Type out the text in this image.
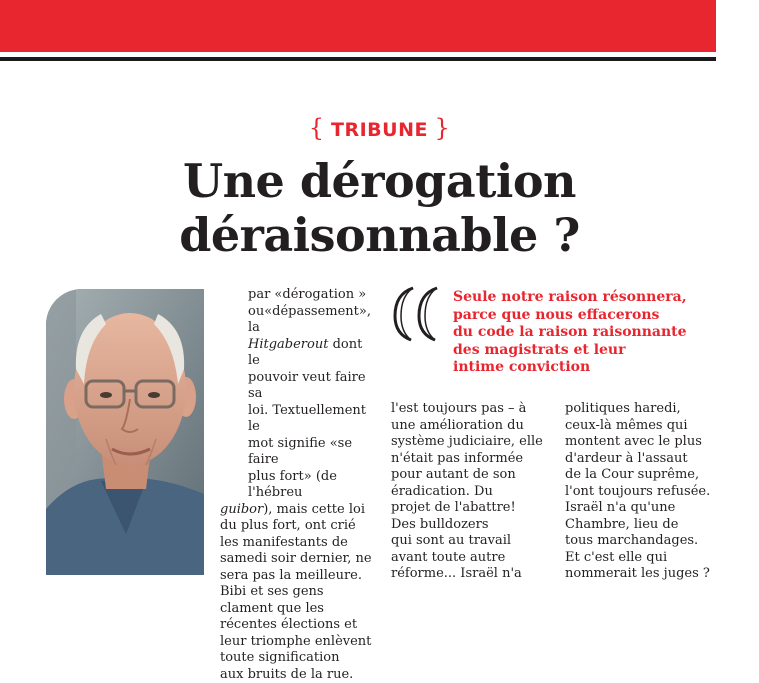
{ TRIBUNE }
Une dérogation
déraisonnable ?

par «dérogation »

ou«dépassement», la

Hitgaberout dont le

pouvoir veut faire sa

loi. Textuellement le

mot signifie «se faire

plus fort» (de l'hébreu

guibor), mais cette loi

du plus fort, ont crié

les manifestants de

samedi soir dernier, ne

sera pas la meilleure.

Bibi et ses gens

clament que les

récentes élections et

leur triomphe enlèvent

toute signification

aux bruits de la rue.

Seule notre raison résonnera,

parce que nous effacerons

du code la raison raisonnante

des magistrats et leur

intime conviction

l'est toujours pas – à

une amélioration du

système judiciaire, elle

n'était pas informée

pour autant de son

éradication. Du

projet de l'abattre!

Des bulldozers

qui sont au travail

avant toute autre

réforme... Israël n'a

politiques haredi,

ceux-là mêmes qui

montent avec le plus

d'ardeur à l'assaut

de la Cour suprême,

l'ont toujours refusée.

Israël n'a qu'une

Chambre, lieu de

tous marchandages.

Et c'est elle qui

nommerait les juges ?
